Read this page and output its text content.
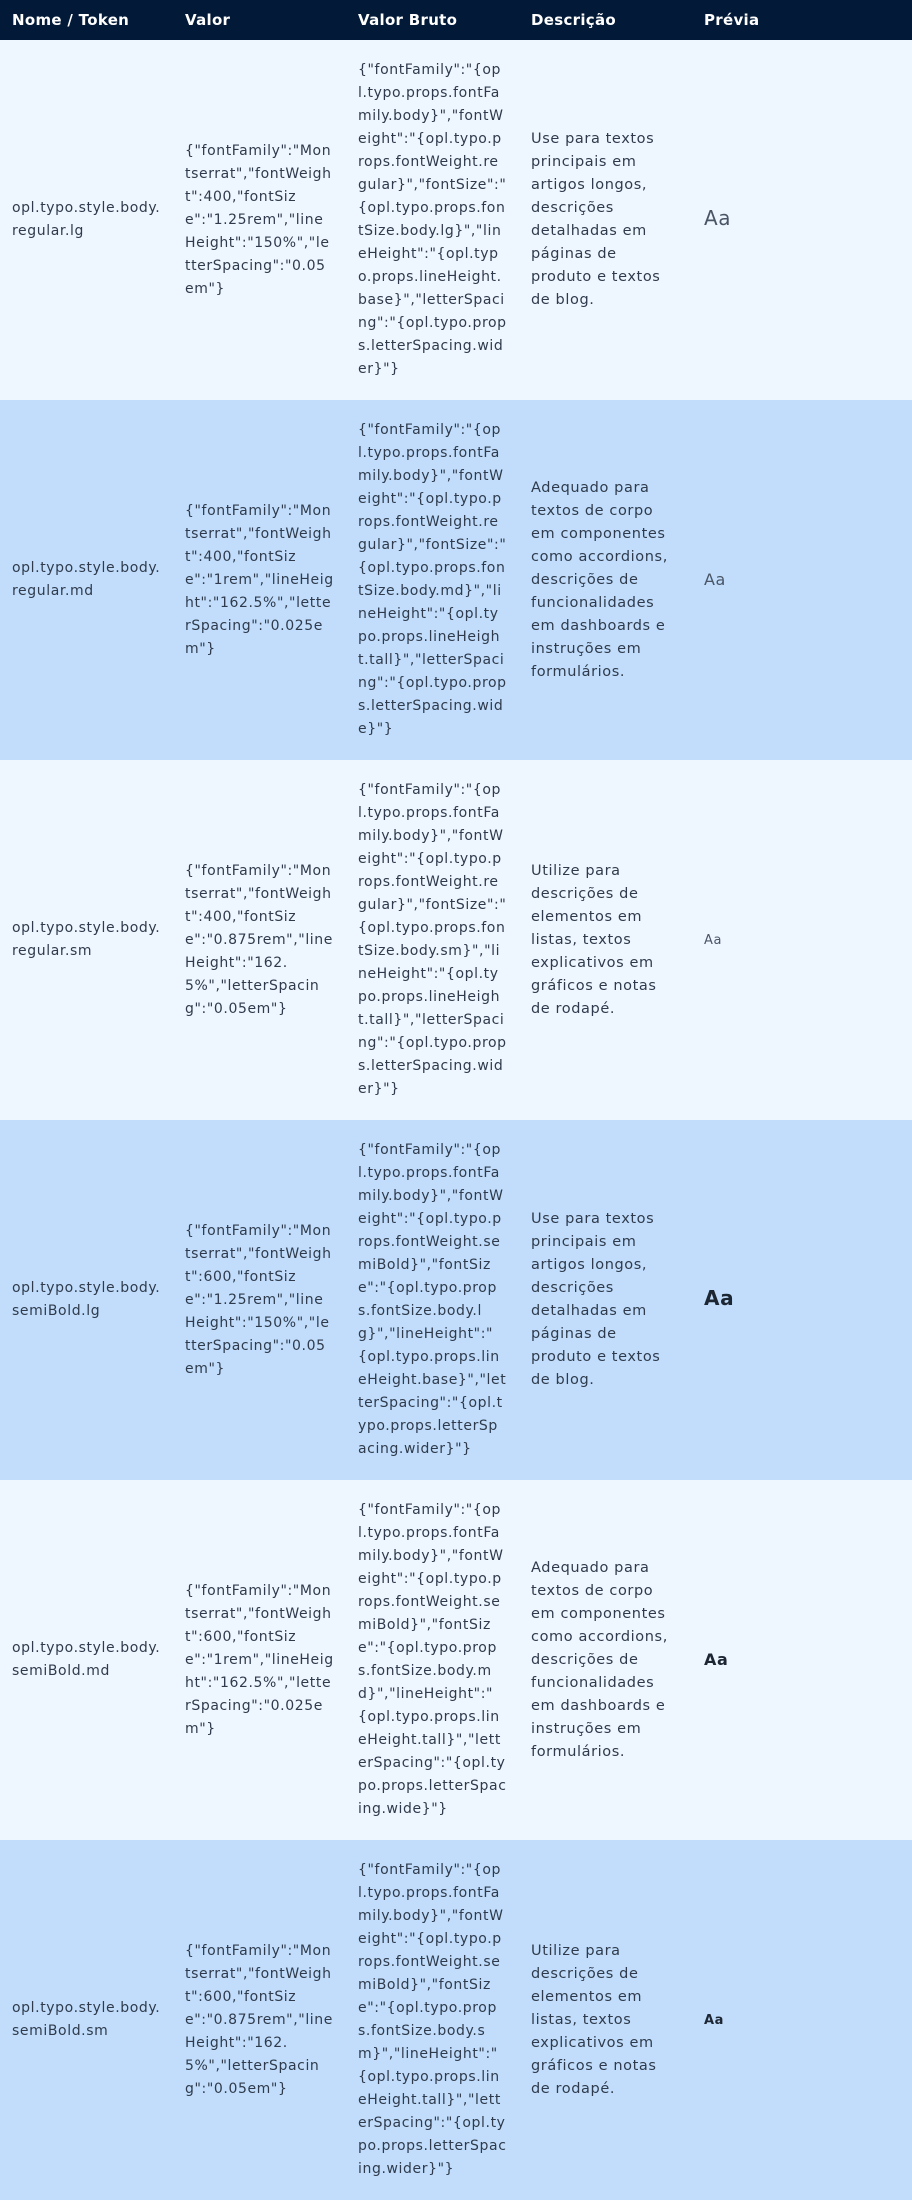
Nome / Token	Valor	Valor Bruto	Descrição	Prévia
opl.typo.style.body.regular.lg	{"fontFamily":"Montserrat","fontWeight":400,"fontSize":"1.25rem","lineHeight":"150%","letterSpacing":"0.05em"}	{"fontFamily":"{opl.typo.props.fontFamily.body}","fontWeight":"{opl.typo.props.fontWeight.regular}","fontSize":"{opl.typo.props.fontSize.body.lg}","lineHeight":"{opl.typo.props.lineHeight.base}","letterSpacing":"{opl.typo.props.letterSpacing.wider}"}	Use para textos principais em artigos longos, descrições detalhadas em páginas de produto e textos de blog.	Aa
opl.typo.style.body.regular.md	{"fontFamily":"Montserrat","fontWeight":400,"fontSize":"1rem","lineHeight":"162.5%","letterSpacing":"0.025em"}	{"fontFamily":"{opl.typo.props.fontFamily.body}","fontWeight":"{opl.typo.props.fontWeight.regular}","fontSize":"{opl.typo.props.fontSize.body.md}","lineHeight":"{opl.typo.props.lineHeight.tall}","letterSpacing":"{opl.typo.props.letterSpacing.wide}"}	Adequado para textos de corpo em componentes como accordions, descrições de funcionalidades em dashboards e instruções em formulários.	Aa
opl.typo.style.body.regular.sm	{"fontFamily":"Montserrat","fontWeight":400,"fontSize":"0.875rem","lineHeight":"162.5%","letterSpacing":"0.05em"}	{"fontFamily":"{opl.typo.props.fontFamily.body}","fontWeight":"{opl.typo.props.fontWeight.regular}","fontSize":"{opl.typo.props.fontSize.body.sm}","lineHeight":"{opl.typo.props.lineHeight.tall}","letterSpacing":"{opl.typo.props.letterSpacing.wider}"}	Utilize para descrições de elementos em listas, textos explicativos em gráficos e notas de rodapé.	Aa
opl.typo.style.body.semiBold.lg	{"fontFamily":"Montserrat","fontWeight":600,"fontSize":"1.25rem","lineHeight":"150%","letterSpacing":"0.05em"}	{"fontFamily":"{opl.typo.props.fontFamily.body}","fontWeight":"{opl.typo.props.fontWeight.semiBold}","fontSize":"{opl.typo.props.fontSize.body.lg}","lineHeight":"{opl.typo.props.lineHeight.base}","letterSpacing":"{opl.typo.props.letterSpacing.wider}"}	Use para textos principais em artigos longos, descrições detalhadas em páginas de produto e textos de blog.	Aa
opl.typo.style.body.semiBold.md	{"fontFamily":"Montserrat","fontWeight":600,"fontSize":"1rem","lineHeight":"162.5%","letterSpacing":"0.025em"}	{"fontFamily":"{opl.typo.props.fontFamily.body}","fontWeight":"{opl.typo.props.fontWeight.semiBold}","fontSize":"{opl.typo.props.fontSize.body.md}","lineHeight":"{opl.typo.props.lineHeight.tall}","letterSpacing":"{opl.typo.props.letterSpacing.wide}"}	Adequado para textos de corpo em componentes como accordions, descrições de funcionalidades em dashboards e instruções em formulários.	Aa
opl.typo.style.body.semiBold.sm	{"fontFamily":"Montserrat","fontWeight":600,"fontSize":"0.875rem","lineHeight":"162.5%","letterSpacing":"0.05em"}	{"fontFamily":"{opl.typo.props.fontFamily.body}","fontWeight":"{opl.typo.props.fontWeight.semiBold}","fontSize":"{opl.typo.props.fontSize.body.sm}","lineHeight":"{opl.typo.props.lineHeight.tall}","letterSpacing":"{opl.typo.props.letterSpacing.wider}"}	Utilize para descrições de elementos em listas, textos explicativos em gráficos e notas de rodapé.	Aa
